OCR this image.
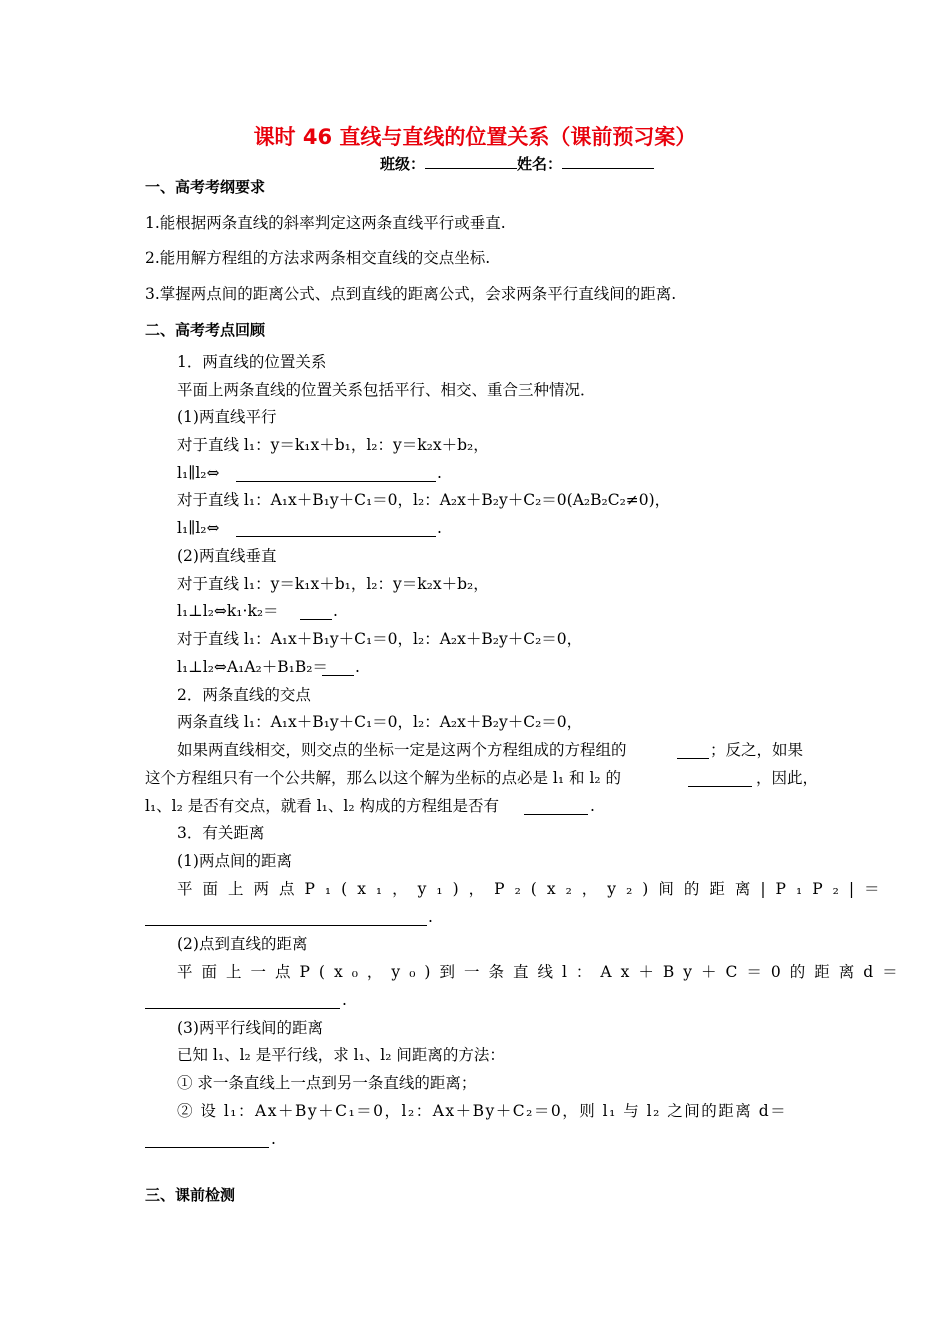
课时 46 直线与直线的位置关系（课前预习案）
班级：	姓名：
一、高考考纲要求
1.能根据两条直线的斜率判定这两条直线平行或垂直.
2.能用解方程组的方法求两条相交直线的交点坐标.
3.掌握两点间的距离公式、点到直线的距离公式，会求两条平行直线间的距离.
二、高考考点回顾
1．两直线的位置关系
平面上两条直线的位置关系包括平行、相交、重合三种情况．
(1)两直线平行
对于直线 l₁：y＝k₁x＋b₁，l₂：y＝k₂x＋b₂，
l₁∥l₂⇔	.
对于直线 l₁：A₁x＋B₁y＋C₁＝0，l₂：A₂x＋B₂y＋C₂＝0(A₂B₂C₂≠0)，
l₁∥l₂⇔	.
(2)两直线垂直
对于直线 l₁：y＝k₁x＋b₁，l₂：y＝k₂x＋b₂，
l₁⊥l₂⇔k₁·k₂＝	.
对于直线 l₁：A₁x＋B₁y＋C₁＝0，l₂：A₂x＋B₂y＋C₂＝0，
l₁⊥l₂⇔A₁A₂＋B₁B₂＝ .
2．两条直线的交点
两条直线 l₁：A₁x＋B₁y＋C₁＝0，l₂：A₂x＋B₂y＋C₂＝0，
如果两直线相交，则交点的坐标一定是这两个方程组成的方程组的	；反之，如果
这个方程组只有一个公共解，那么以这个解为坐标的点必是 l₁ 和 l₂ 的	，因此，
l₁、l₂ 是否有交点，就看 l₁、l₂ 构成的方程组是否有	.
3．有关距离
(1)两点间的距离
平面上两点P₁(x₁，y₁)，P₂(x₂，y₂)间的距离|P₁P₂|＝
.
(2)点到直线的距离
平面上一点P(x₀，y₀)到一条直线l：Ax＋By＋C＝0的距离d＝
.
(3)两平行线间的距离
已知 l₁、l₂ 是平行线，求 l₁、l₂ 间距离的方法：
① 求一条直线上一点到另一条直线的距离；
② 设 l₁：Ax＋By＋C₁＝0，l₂：Ax＋By＋C₂＝0，则 l₁ 与 l₂ 之间的距离 d＝
.
三、课前检测
